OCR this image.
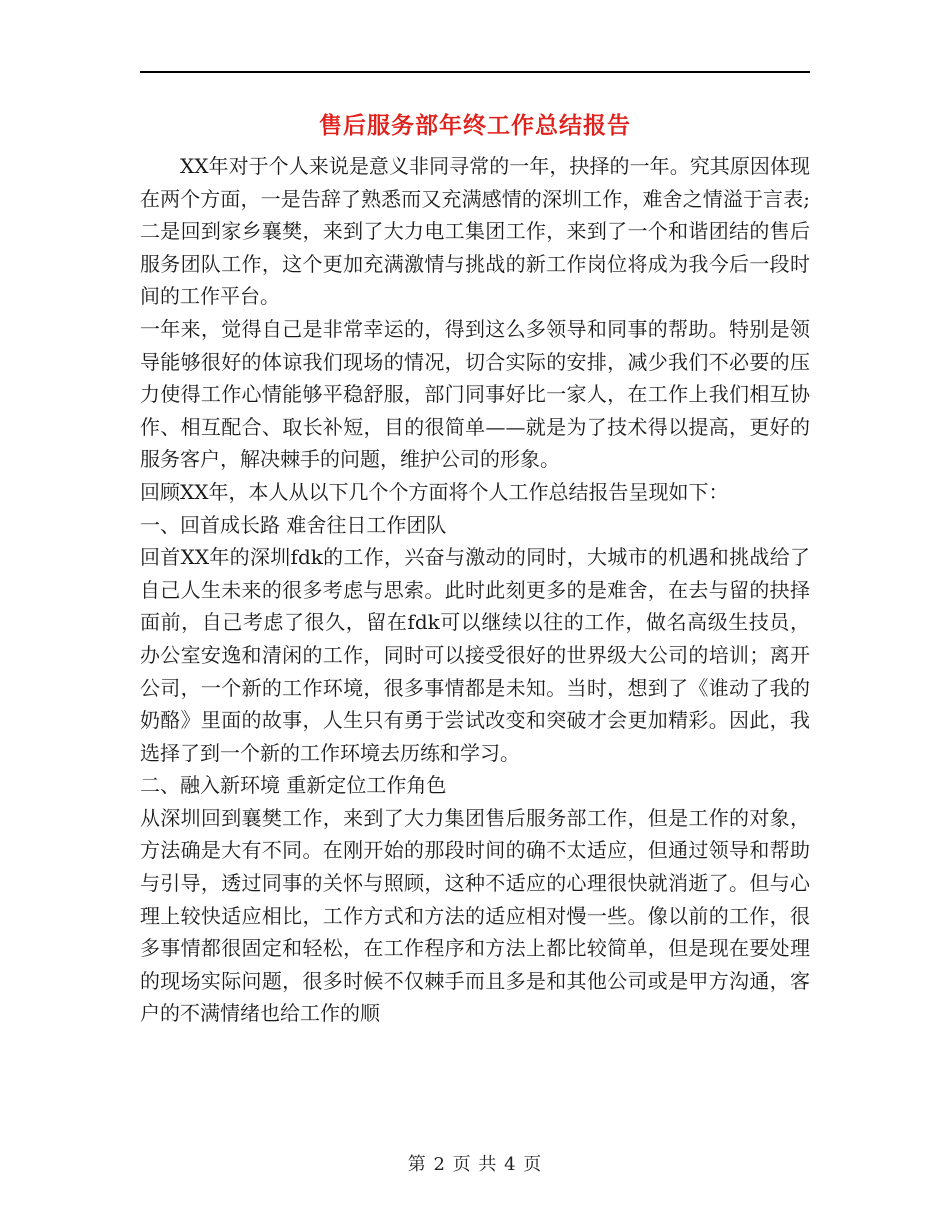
售后服务部年终工作总结报告

XX年对于个人来说是意义非同寻常的一年，抉择的一年。究其原因体现在两个方面，一是告辞了熟悉而又充满感情的深圳工作，难舍之情溢于言表;二是回到家乡襄樊，来到了大力电工集团工作，来到了一个和谐团结的售后服务团队工作，这个更加充满激情与挑战的新工作岗位将成为我今后一段时间的工作平台。

一年来，觉得自己是非常幸运的，得到这么多领导和同事的帮助。特别是领导能够很好的体谅我们现场的情况，切合实际的安排，减少我们不必要的压力使得工作心情能够平稳舒服，部门同事好比一家人，在工作上我们相互协作、相互配合、取长补短，目的很简单——就是为了技术得以提高，更好的服务客户，解决棘手的问题，维护公司的形象。

回顾XX年，本人从以下几个个方面将个人工作总结报告呈现如下：

一、回首成长路 难舍往日工作团队

回首XX年的深圳fdk的工作，兴奋与激动的同时，大城市的机遇和挑战给了自己人生未来的很多考虑与思索。此时此刻更多的是难舍，在去与留的抉择面前，自己考虑了很久，留在fdk可以继续以往的工作，做名高级生技员，办公室安逸和清闲的工作，同时可以接受很好的世界级大公司的培训；离开公司，一个新的工作环境，很多事情都是未知。当时，想到了《谁动了我的奶酪》里面的故事，人生只有勇于尝试改变和突破才会更加精彩。因此，我选择了到一个新的工作环境去历练和学习。

二、融入新环境 重新定位工作角色

从深圳回到襄樊工作，来到了大力集团售后服务部工作，但是工作的对象，方法确是大有不同。在刚开始的那段时间的确不太适应，但通过领导和帮助与引导，透过同事的关怀与照顾，这种不适应的心理很快就消逝了。但与心理上较快适应相比，工作方式和方法的适应相对慢一些。像以前的工作，很多事情都很固定和轻松，在工作程序和方法上都比较简单，但是现在要处理的现场实际问题，很多时候不仅棘手而且多是和其他公司或是甲方沟通，客户的不满情绪也给工作的顺

第 2 页 共 4 页
